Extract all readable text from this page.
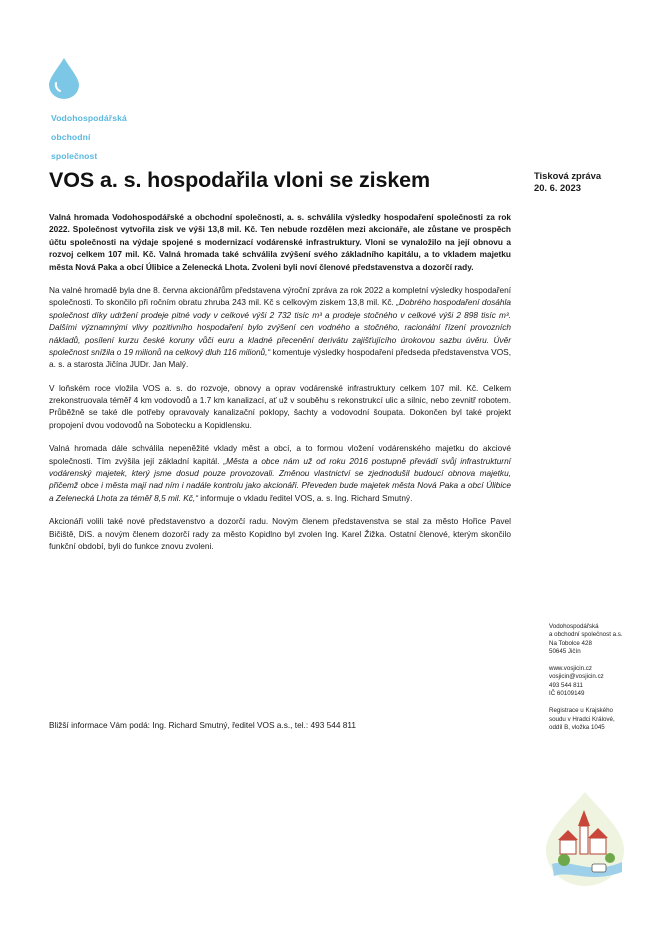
Vodohospodářská

obchodní

společnost

VOS a. s. hospodařila vloni se ziskem	Tisková zpráva
20. 6. 2023

Valná hromada Vodohospodářské a obchodní společnosti, a. s. schválila výsledky hospodaření společnosti za rok 2022. Společnost vytvořila zisk ve výši 13,8 mil. Kč. Ten nebude rozdělen mezi akcionáře, ale zůstane ve prospěch účtu společnosti na výdaje spojené s modernizací vodárenské infrastruktury. Vloni se vynaložilo na její obnovu a rozvoj celkem 107 mil. Kč. Valná hromada také schválila zvýšení svého základního kapitálu, a to vkladem majetku města Nová Paka a obcí Úlibice a Zelenecká Lhota. Zvoleni byli noví členové představenstva a dozorčí rady.

Na valné hromadě byla dne 8. června akcionářům představena výroční zpráva za rok 2022 a kompletní výsledky hospodaření společnosti. To skončilo při ročním obratu zhruba 243 mil. Kč s celkovým ziskem 13,8 mil. Kč. „Dobrého hospodaření dosáhla společnost díky udržení prodeje pitné vody v celkové výši 2 732 tisíc m³ a prodeje stočného v celkové výši 2 898 tisíc m³. Dalšími významnými vlivy pozitivního hospodaření bylo zvýšení cen vodného a stočného, racionální řízení provozních nákladů, posílení kurzu české koruny vůči euru a kladné přecenění derivátu zajišťujícího úrokovou sazbu úvěru. Úvěr společnost snížila o 19 milionů na celkový dluh 116 milionů,“ komentuje výsledky hospodaření předseda představenstva VOS, a. s. a starosta Jičína JUDr. Jan Malý.

V loňském roce vložila VOS a. s. do rozvoje, obnovy a oprav vodárenské infrastruktury celkem 107 mil. Kč. Celkem zrekonstruovala téměř 4 km vodovodů a 1.7 km kanalizací, ať už v souběhu s rekonstrukcí ulic a silnic, nebo zevnitř robotem. Průběžně se také dle potřeby opravovaly kanalizační poklopy, šachty a vodovodní šoupata. Dokončen byl také projekt propojení dvou vodovodů na Sobotecku a Kopidlensku.

Valná hromada dále schválila nepeněžité vklady měst a obcí, a to formou vložení vodárenského majetku do akciové společnosti. Tím zvýšila její základní kapitál. „Města a obce nám už od roku 2016 postupně převádí svůj infrastrukturní vodárenský majetek, který jsme dosud pouze provozovali. Změnou vlastnictví se zjednodušil budoucí obnova majetku, přičemž obce i města mají nad ním i nadále kontrolu jako akcionáři. Převeden bude majetek města Nová Paka a obcí Úlibice a Zelenecká Lhota za téměř 8,5 mil. Kč,“ informuje o vkladu ředitel VOS, a. s. Ing. Richard Smutný.

Akcionáři volili také nové představenstvo a dozorčí radu. Novým členem představenstva se stal za město Hořice Pavel Bičiště, DiS. a novým členem dozorčí rady za město Kopidlno byl zvolen Ing. Karel Žižka. Ostatní členové, kterým skončilo funkční období, byli do funkce znovu zvoleni.

Bližší informace Vám podá: Ing. Richard Smutný, ředitel VOS a.s., tel.: 493 544 811
Vodohospodářská
a obchodní společnost a.s.
Na Tobolce 428
50645 Jičín
www.vosjicin.cz
vosjicin@vosjicin.cz
493 544 811
IČ 60109149
Registrace u Krajského
soudu v Hradci Králové,
oddíl B, vložka 1045
